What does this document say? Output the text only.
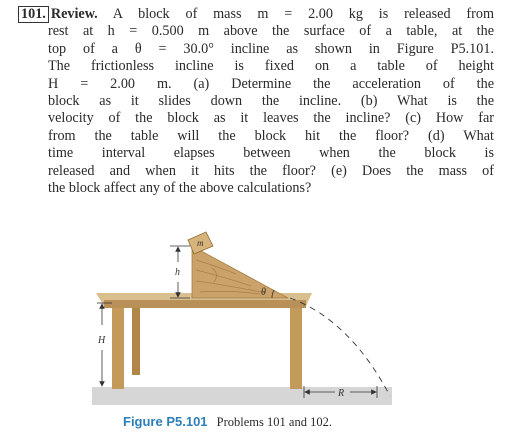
101. Review. A block of mass m = 2.00 kg is released from
rest at h = 0.500 m above the surface of a table, at the
top of a θ = 30.0° incline as shown in Figure P5.101.
The frictionless incline is fixed on a table of height
H = 2.00 m. (a) Determine the acceleration of the
block as it slides down the incline. (b) What is the
velocity of the block as it leaves the incline? (c) How far
from the table will the block hit the floor? (d) What
time interval elapses between when the block is
released and when it hits the floor? (e) Does the mass of
the block affect any of the above calculations?
m
θ
h
H
R
Figure P5.101 Problems 101 and 102.
